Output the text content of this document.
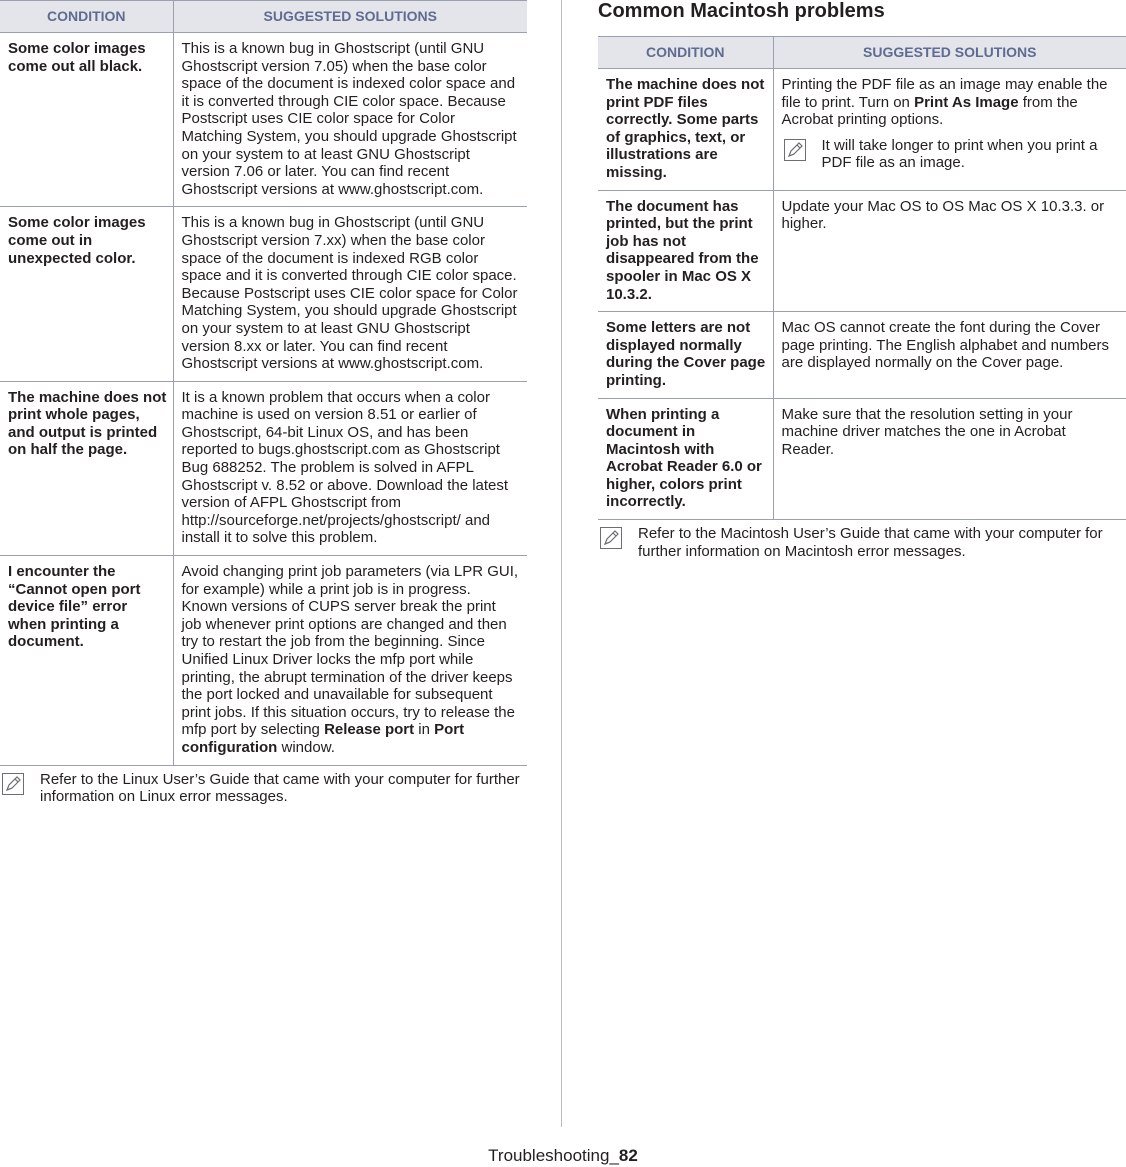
CONDITION	SUGGESTED SOLUTIONS
Some color images come out all black.	This is a known bug in Ghostscript (until GNU Ghostscript version 7.05) when the base color space of the document is indexed color space and it is converted through CIE color space. Because Postscript uses CIE color space for Color Matching System, you should upgrade Ghostscript on your system to at least GNU Ghostscript version 7.06 or later. You can find recent Ghostscript versions at www.ghostscript.com.
Some color images come out in unexpected color.	This is a known bug in Ghostscript (until GNU Ghostscript version 7.xx) when the base color space of the document is indexed RGB color space and it is converted through CIE color space. Because Postscript uses CIE color space for Color Matching System, you should upgrade Ghostscript on your system to at least GNU Ghostscript version 8.xx or later. You can find recent Ghostscript versions at www.ghostscript.com.
The machine does not print whole pages, and output is printed on half the page.	It is a known problem that occurs when a color machine is used on version 8.51 or earlier of Ghostscript, 64-bit Linux OS, and has been reported to bugs.ghostscript.com as Ghostscript Bug 688252. The problem is solved in AFPL Ghostscript v. 8.52 or above. Download the latest version of AFPL Ghostscript from http://sourceforge.net/projects/ghostscript/ and install it to solve this problem.
I encounter the “Cannot open port device file” error when printing a document.	Avoid changing print job parameters (via LPR GUI, for example) while a print job is in progress. Known versions of CUPS server break the print job whenever print options are changed and then try to restart the job from the beginning. Since Unified Linux Driver locks the mfp port while printing, the abrupt termination of the driver keeps the port locked and unavailable for subsequent print jobs. If this situation occurs, try to release the mfp port by selecting Release port in Port configuration window.
Refer to the Linux User’s Guide that came with your computer for further information on Linux error messages.
Common Macintosh problems
CONDITION	SUGGESTED SOLUTIONS
The machine does not print PDF files correctly. Some parts of graphics, text, or illustrations are missing.	Printing the PDF file as an image may enable the file to print. Turn on Print As Image from the Acrobat printing options.
It will take longer to print when you print a PDF file as an image.

The document has printed, but the print job has not disappeared from the spooler in Mac OS X 10.3.2.	Update your Mac OS to OS Mac OS X 10.3.3. or higher.
Some letters are not displayed normally during the Cover page printing.	Mac OS cannot create the font during the Cover page printing. The English alphabet and numbers are displayed normally on the Cover page.
When printing a document in Macintosh with Acrobat Reader 6.0 or higher, colors print incorrectly.	Make sure that the resolution setting in your machine driver matches the one in Acrobat Reader.
Refer to the Macintosh User’s Guide that came with your computer for further information on Macintosh error messages.
Troubleshooting_82
